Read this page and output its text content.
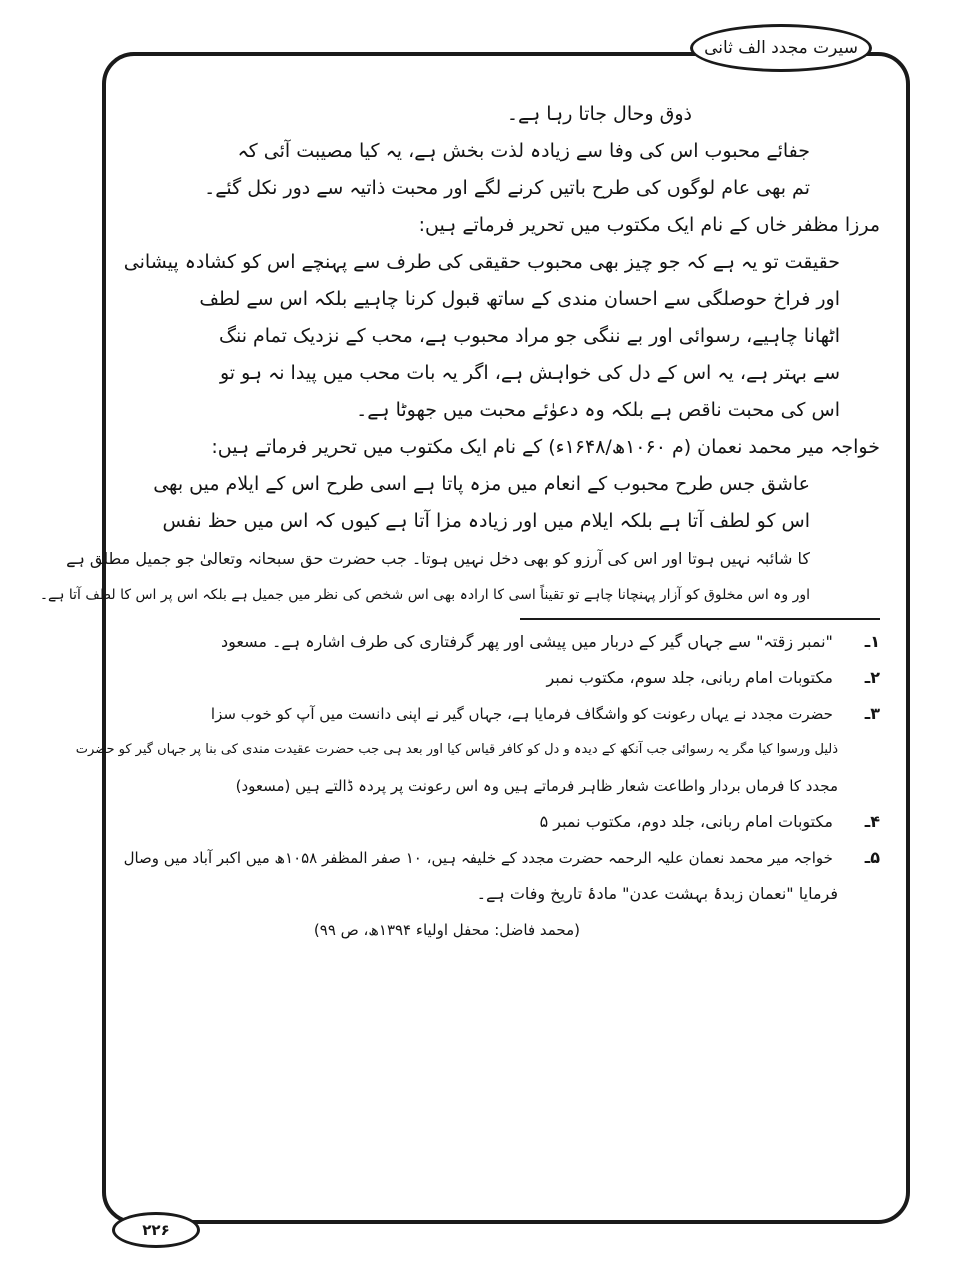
سیرت مجدد الف ثانی
ذوق وحال جاتا رہا ہے۔
جفائے محبوب اس کی وفا سے زیادہ لذت بخش ہے، یہ کیا مصیبت آئی کہ
تم بھی عام لوگوں کی طرح باتیں کرنے لگے اور محبت ذاتیہ سے دور نکل گئے۔
مرزا مظفر خاں کے نام ایک مکتوب میں تحریر فرماتے ہیں:
حقیقت تو یہ ہے کہ جو چیز بھی محبوب حقیقی کی طرف سے پہنچے اس کو کشادہ پیشانی
اور فراخ حوصلگی سے احسان مندی کے ساتھ قبول کرنا چاہیے بلکہ اس سے لطف
اٹھانا چاہیے، رسوائی اور بے ننگی جو مراد محبوب ہے، محب کے نزدیک تمام ننگ
سے بہتر ہے، یہ اس کے دل کی خواہش ہے، اگر یہ بات محب میں پیدا نہ ہو تو
اس کی محبت ناقص ہے بلکہ وہ دعوٰئے محبت میں جھوٹا ہے۔
خواجہ میر محمد نعمان (م ۱۰۶۰ھ/۱۶۴۸ء) کے نام ایک مکتوب میں تحریر فرماتے ہیں:
عاشق جس طرح محبوب کے انعام میں مزہ پاتا ہے اسی طرح اس کے ایلام میں بھی
اس کو لطف آتا ہے بلکہ ایلام میں اور زیادہ مزا آتا ہے کیوں کہ اس میں حظ نفس
کا شائبہ نہیں ہوتا اور اس کی آرزو کو بھی دخل نہیں ہوتا۔ جب حضرت حق سبحانہ وتعالیٰ جو جمیل مطلق ہے
اور وہ اس مخلوق کو آزار پہنچانا چاہے تو تقیناً اسی کا ارادہ بھی اس شخص کی نظر میں جمیل ہے بلکہ اس پر اس کا لطف آتا ہے۔
۱ـ "نمبر زقتہ" سے جہاں گیر کے دربار میں پیشی اور پھر گرفتاری کی طرف اشارہ ہے۔ مسعود
۲ـ مکتوبات امام ربانی، جلد سوم، مکتوب نمبر
۳ـ حضرت مجدد نے یہاں رعونت کو واشگاف فرمایا ہے، جہاں گیر نے اپنی دانست میں آپ کو خوب سزا
ذلیل ورسوا کیا مگر یہ رسوائی جب آنکھ کے دیدہ و دل کو کافر قیاس کیا اور بعد ہی جب حضرت عقیدت مندی کی بنا پر جہاں گیر کو حضرت
مجدد کا فرماں بردار واطاعت شعار ظاہر فرماتے ہیں وہ اس رعونت پر پردہ ڈالتے ہیں (مسعود)
۴ـ مکتوبات امام ربانی، جلد دوم، مکتوب نمبر ۵
۵ـ خواجہ میر محمد نعمان علیہ الرحمہ حضرت مجدد کے خلیفہ ہیں، ۱۰ صفر المظفر ۱۰۵۸ھ میں اکبر آباد میں وصال
فرمایا "نعمان زبدۂ بہشت عدن" مادۂ تاریخ وفات ہے۔
(محمد فاضل: محفل اولیاء ۱۳۹۴ھ، ص ۹۹)
۲۲۶
